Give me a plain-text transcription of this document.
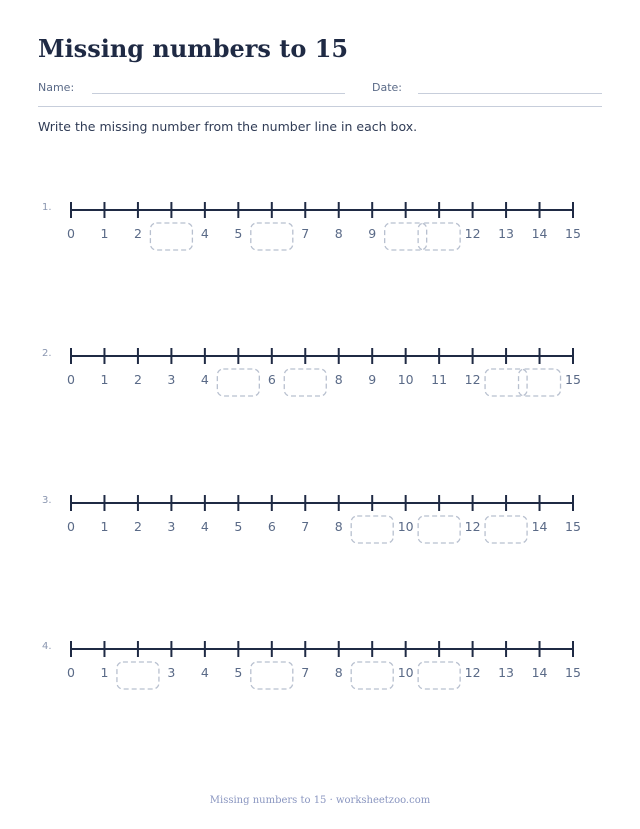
Missing numbers to 15
Name:	Date:
Write the missing number from the number line in each box.
1.
0 1 2	4 5	7 8 9	12 13 14 15
2.
0 1 2 3 4	6	8 9 10 11 12	15
3.
0 1 2 3 4 5 6 7 8	10	12	14 15
4.
0 1	3 4 5	7 8	10	12 13 14 15
Missing numbers to 15 · worksheetzoo.com
